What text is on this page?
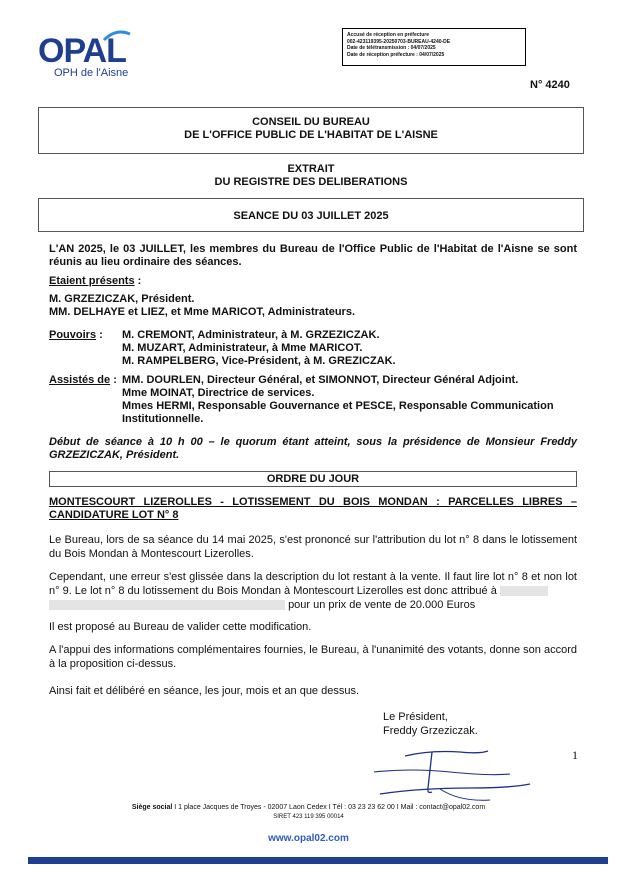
OPAL
OPH de l'Aisne
Accusé de réception en préfecture
002-423119395-20250703-BUREAU-4240-DE
Date de télétransmission : 04/07/2025
Date de réception préfecture : 04/07/2025
N° 4240
CONSEIL DU BUREAU
DE L'OFFICE PUBLIC DE L'HABITAT DE L'AISNE
EXTRAIT
DU REGISTRE DES DELIBERATIONS
SEANCE DU 03 JUILLET 2025
L'AN 2025, le 03 JUILLET, les membres du Bureau de l'Office Public de l'Habitat de l'Aisne se sont réunis au lieu ordinaire des séances.
Etaient présents :
M. GRZEZICZAK, Président.
MM. DELHAYE et LIEZ, et Mme MARICOT, Administrateurs.
Pouvoirs :	M. CREMONT, Administrateur, à M. GRZEZICZAK.
M. MUZART, Administrateur, à Mme MARICOT.
M. RAMPELBERG, Vice-Président, à M. GREZICZAK.
Assistés de : MM. DOURLEN, Directeur Général, et SIMONNOT, Directeur Général Adjoint.
Mme MOINAT, Directrice de services.
Mmes HERMI, Responsable Gouvernance et PESCE, Responsable Communication Institutionnelle.
Début de séance à 10 h 00 – le quorum étant atteint, sous la présidence de Monsieur Freddy GRZEZICZAK, Président.
ORDRE DU JOUR
MONTESCOURT LIZEROLLES - LOTISSEMENT DU BOIS MONDAN : PARCELLES LIBRES – CANDIDATURE LOT N° 8
Le Bureau, lors de sa séance du 14 mai 2025, s'est prononcé sur l'attribution du lot n° 8 dans le lotissement du Bois Mondan à Montescourt Lizerolles.
Cependant, une erreur s'est glissée dans la description du lot restant à la vente. Il faut lire lot n° 8 et non lot n° 9. Le lot n° 8 du lotissement du Bois Mondan à Montescourt Lizerolles est donc attribué à
pour un prix de vente de 20.000 Euros
Il est proposé au Bureau de valider cette modification.
A l'appui des informations complémentaires fournies, le Bureau, à l'unanimité des votants, donne son accord à la proposition ci-dessus.
Ainsi fait et délibéré en séance, les jour, mois et an que dessus.
Le Président,
Freddy Grzeziczak.
1
Siège social I 1 place Jacques de Troyes - 02007 Laon Cedex I Tél : 03 23 23 62 00 I Mail : contact@opal02.com
SIRET 423 119 395 00014
www.opal02.com
